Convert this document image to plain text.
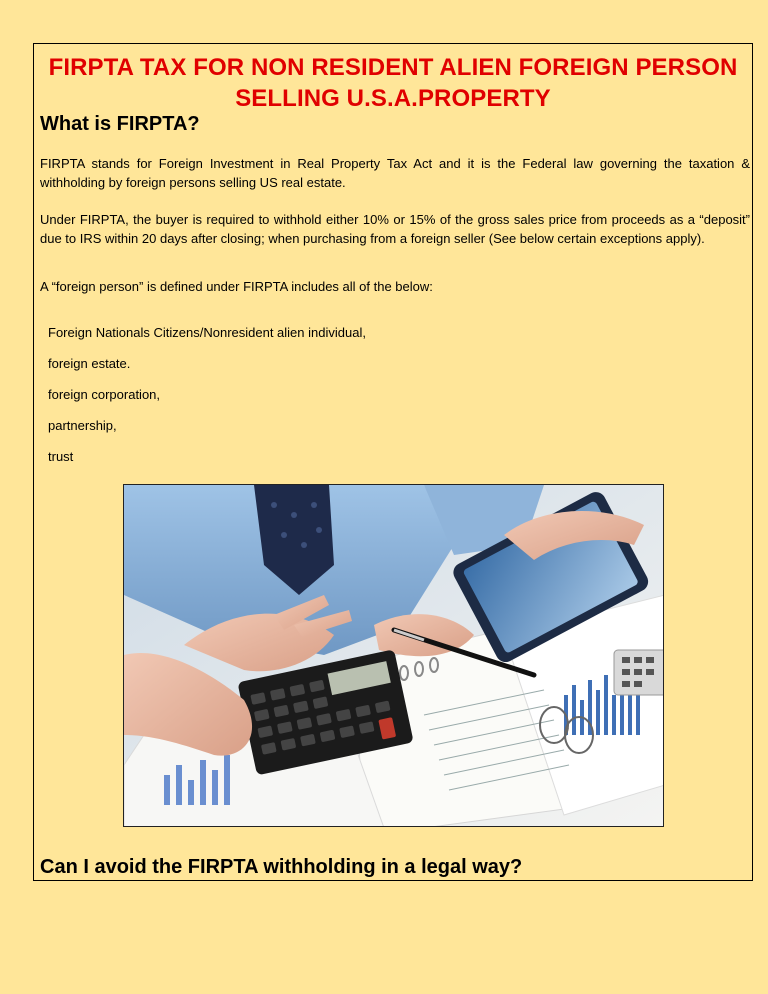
FIRPTA TAX FOR NON RESIDENT ALIEN FOREIGN PERSON
SELLING U.S.A.PROPERTY
What is FIRPTA?

FIRPTA stands for Foreign Investment in Real Property Tax Act and it is the Federal law governing the taxation & withholding by foreign persons selling US real estate.

Under FIRPTA, the buyer is required to withhold either 10% or 15% of the gross sales price from proceeds as a “deposit” due to IRS within 20 days after closing; when purchasing from a foreign seller (See below certain exceptions apply).

A “foreign person” is defined under FIRPTA includes all of the below:

Foreign Nationals Citizens/Nonresident alien individual,

foreign estate.

foreign corporation,

partnership,

trust

Can I avoid the FIRPTA withholding in a legal way?
